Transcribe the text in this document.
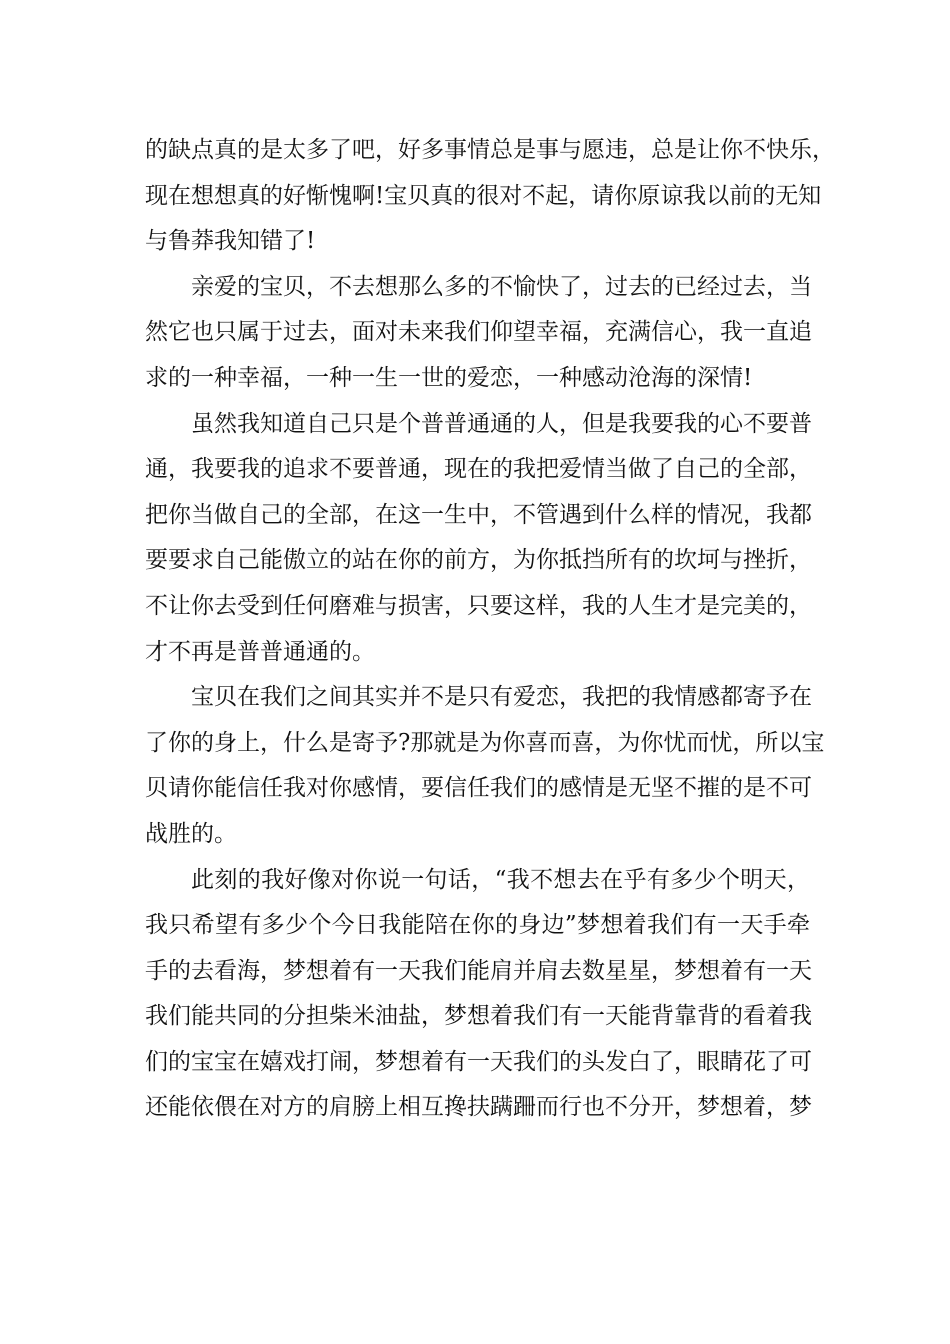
的缺点真的是太多了吧，好多事情总是事与愿违，总是让你不快乐，
现在想想真的好惭愧啊!宝贝真的很对不起，请你原谅我以前的无知
与鲁莽我知错了!
亲爱的宝贝，不去想那么多的不愉快了，过去的已经过去，当
然它也只属于过去，面对未来我们仰望幸福，充满信心，我一直追
求的一种幸福，一种一生一世的爱恋，一种感动沧海的深情!
虽然我知道自己只是个普普通通的人，但是我要我的心不要普
通，我要我的追求不要普通，现在的我把爱情当做了自己的全部，
把你当做自己的全部，在这一生中，不管遇到什么样的情况，我都
要要求自己能傲立的站在你的前方，为你抵挡所有的坎坷与挫折，
不让你去受到任何磨难与损害，只要这样，我的人生才是完美的，
才不再是普普通通的。
宝贝在我们之间其实并不是只有爱恋，我把的我情感都寄予在
了你的身上，什么是寄予?那就是为你喜而喜，为你忧而忧，所以宝
贝请你能信任我对你感情，要信任我们的感情是无坚不摧的是不可
战胜的。
此刻的我好像对你说一句话，“我不想去在乎有多少个明天，
我只希望有多少个今日我能陪在你的身边”梦想着我们有一天手牵
手的去看海，梦想着有一天我们能肩并肩去数星星，梦想着有一天
我们能共同的分担柴米油盐，梦想着我们有一天能背靠背的看着我
们的宝宝在嬉戏打闹，梦想着有一天我们的头发白了，眼睛花了可
还能依偎在对方的肩膀上相互搀扶蹒跚而行也不分开，梦想着，梦
